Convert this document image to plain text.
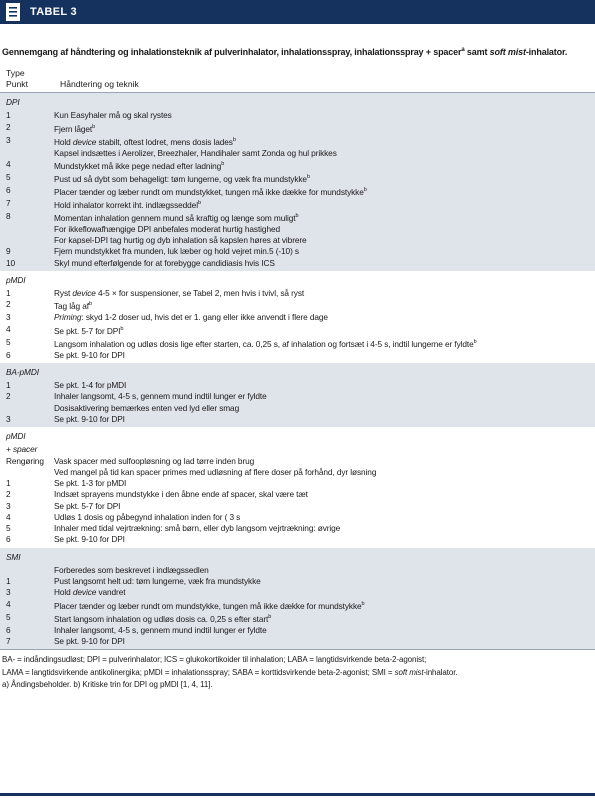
TABEL 3
Gennemgang af håndtering og inhalationsteknik af pulverinhalator, inhalationsspray, inhalationsspray + spacer$^a$ samt soft mist-inhalator.
Type
Punkt	Håndtering og teknik
DPI
1	Kun Easyhaler må og skal rystes
2	Fjern låget$^b$
3	Hold device stabilt, oftest lodret, mens dosis lades$^b$
Kapsel indsættes i Aerolizer, Breezhaler, Handihaler samt Zonda og hul prikkes
4	Mundstykket må ikke pege nedad efter ladning$^b$
5	Pust ud så dybt som behageligt: tøm lungerne, og væk fra mundstykke$^b$
6	Placer tænder og læber rundt om mundstykket, tungen må ikke dække for mundstykke$^b$
7	Hold inhalator korrekt iht. indlægsseddel$^b$
8	Momentan inhalation gennem mund så kraftig og længe som muligt$^b$
For ikkeflowafhængige DPI anbefales moderat hurtig hastighed
For kapsel-DPI tag hurtig og dyb inhalation så kapslen høres at vibrere
9	Fjern mundstykket fra munden, luk læber og hold vejret min.5 (-10) s
10	Skyl mund efterfølgende for at forebygge candidiasis hvis ICS
pMDI
1	Ryst device 4-5 × for suspensioner, se Tabel 2, men hvis i tvivl, så ryst
2	Tag låg $af^b$
3	Priming: skyd 1-2 doser ud, hvis det er 1. gang eller ikke anvendt i flere dage
4	Se pkt. 5-7 for DPI$^b$
5	Langsom inhalation og udløs dosis lige efter starten, ca. 0,25 s, af inhalation og fortsæt i 4-5 s, indtil lungerne er fyldte$^b$
6	Se pkt. 9-10 for DPI
BA-pMDI
1	Se pkt. 1-4 for pMDI
2	Inhaler langsomt, 4-5 s, gennem mund indtil lunger er fyldte
Dosisaktivering bemærkes enten ved lyd eller smag
3	Se pkt. 9-10 for DPI
pMDI
+ spacer
Rengøring	Vask spacer med sulfoopløsning og lad tørre inden brug
Ved mangel på tid kan spacer primes med udløsning af flere doser på forhånd, dyr løsning
1	Se pkt. 1-3 for pMDI
2	Indsæt sprayens mundstykke i den åbne ende af spacer, skal være tæt
3	Se pkt. 5-7 for DPI
4	Udløs 1 dosis og påbegynd inhalation inden for ( 3 s
5	Inhaler med tidal vejrtrækning: små børn, eller dyb langsom vejrtrækning: øvrige
6	Se pkt. 9-10 for DPI
SMI
Forberedes som beskrevet i indlægssedlen
1	Pust langsomt helt ud: tøm lungerne, væk fra mundstykke
3	Hold device vandret
4	Placer tænder og læber rundt om mundstykke, tungen må ikke dække for mundstykke$^b$
5	Start langsom inhalation og udløs dosis ca. 0,25 s efter start$^b$
6	Inhaler langsomt, 4-5 s, gennem mund indtil lunger er fyldte
7	Se pkt. 9-10 for DPI
BA- = indåndingsudløst; DPI = pulverinhalator; ICS = glukokortikoider til inhalation; LABA = langtidsvirkende beta-2-agonist;
LAMA = langtidsvirkende antikolinergika; pMDI = inhalationsspray; SABA = korttidsvirkende beta-2-agonist; SMI = soft mist-inhalator.
a) Åndingsbeholder. b) Kritiske trin for DPI og pMDI [1, 4, 11].
